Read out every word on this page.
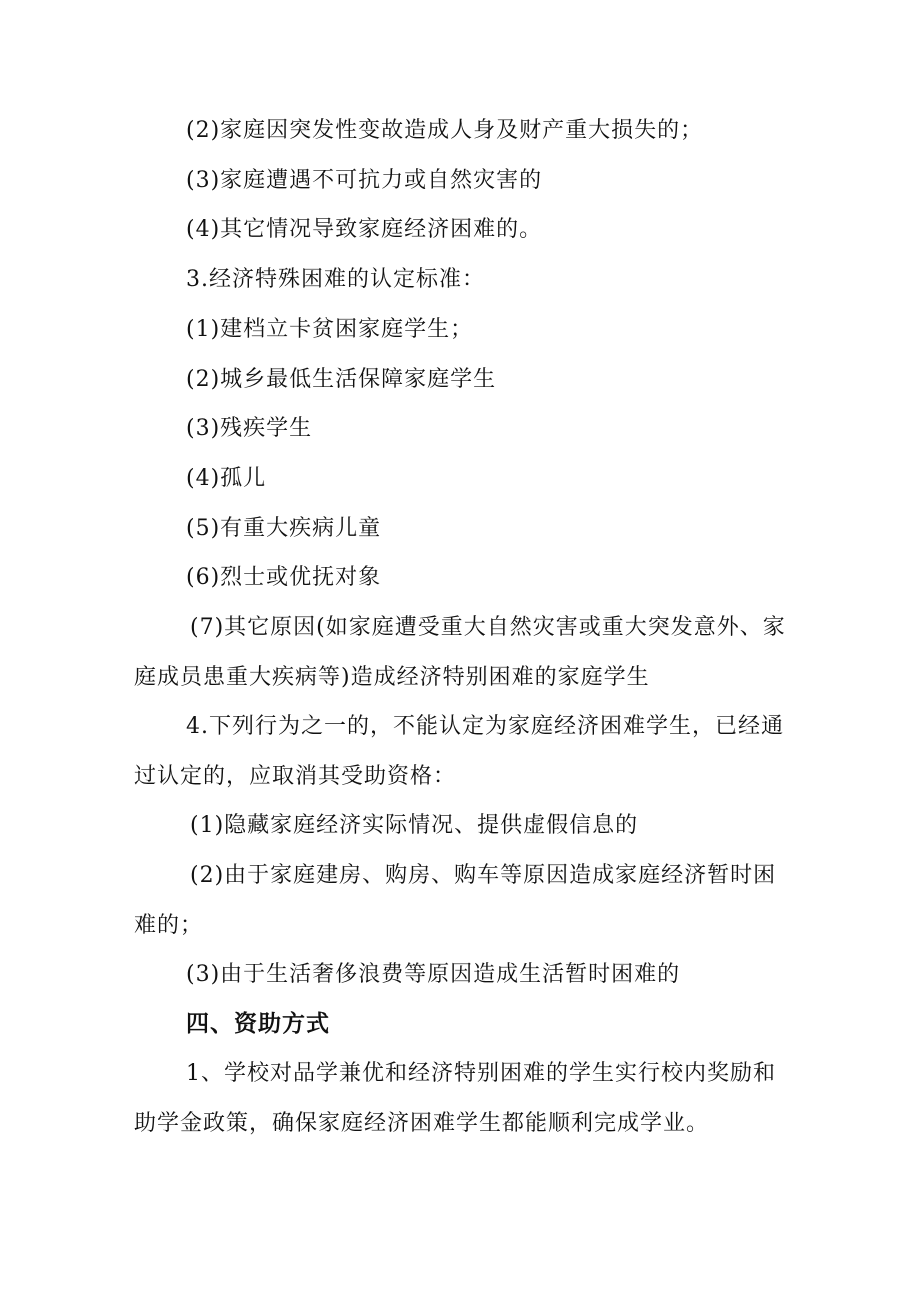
(2)家庭因突发性变故造成人身及财产重大损失的；
(3)家庭遭遇不可抗力或自然灾害的
(4)其它情况导致家庭经济困难的。
3.经济特殊困难的认定标准：
(1)建档立卡贫困家庭学生；
(2)城乡最低生活保障家庭学生
(3)残疾学生
(4)孤儿
(5)有重大疾病儿童
(6)烈士或优抚对象
(7)其它原因(如家庭遭受重大自然灾害或重大突发意外、家
庭成员患重大疾病等)造成经济特别困难的家庭学生
4.下列行为之一的，不能认定为家庭经济困难学生，已经通
过认定的，应取消其受助资格：
(1)隐藏家庭经济实际情况、提供虚假信息的
(2)由于家庭建房、购房、购车等原因造成家庭经济暂时困
难的；
(3)由于生活奢侈浪费等原因造成生活暂时困难的
四、资助方式
1、学校对品学兼优和经济特别困难的学生实行校内奖励和
助学金政策，确保家庭经济困难学生都能顺利完成学业。
